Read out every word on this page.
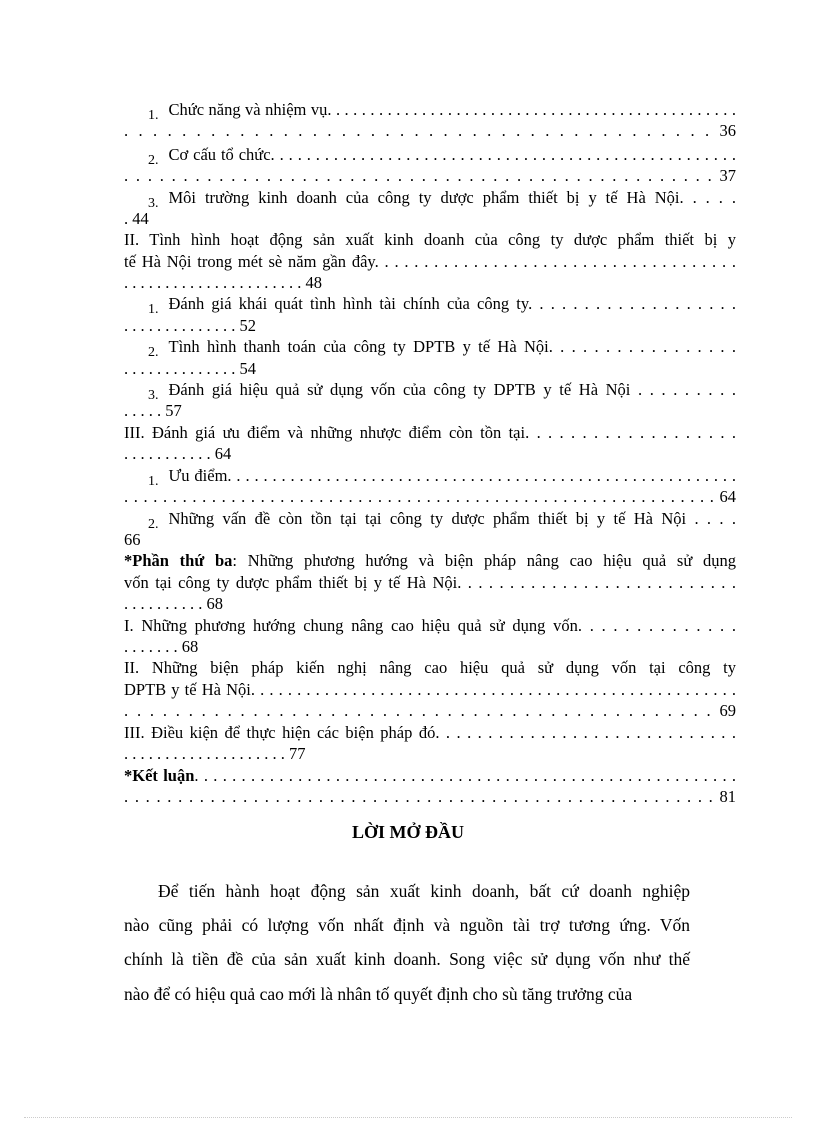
1. Chức năng và nhiệm vụ. . . . . . . . . . . . . . . . . . . . . . . . . . . . . . . . . . . . . . . . . . . . . . . .
. . . . . . . . . . . . . . . . . . . . . . . . . . . . . . . . . . . . . . . . . 36
2. Cơ cấu tổ chức. . . . . . . . . . . . . . . . . . . . . . . . . . . . . . . . . . . . . . . . . . . . . . . . . . . .
. . . . . . . . . . . . . . . . . . . . . . . . . . . . . . . . . . . . . . . . . . . . . . . . . . 37
3. Môi trường kinh doanh của công ty dược phẩm thiết bị y tế Hà Nội. . . . .
. 44
II. Tình hình hoạt động sản xuất kinh doanh của công ty dược phẩm thiết bị y
tế Hà Nội trong mét sè năm gần đây. . . . . . . . . . . . . . . . . . . . . . . . . . . . . . . . . . . . .
. . . . . . . . . . . . . . . . . . . . . . 48
1. Đánh giá khái quát tình hình tài chính của công ty. . . . . . . . . . . . . . . . . . .
. . . . . . . . . . . . . . 52
2. Tình hình thanh toán của công ty DPTB y tế Hà Nội. . . . . . . . . . . . . . . . .
. . . . . . . . . . . . . . 54
3. Đánh giá hiệu quả sử dụng vốn của công ty DPTB y tế Hà Nội . . . . . . . . .
. . . . . 57
III. Đánh giá ưu điểm và những nhược điểm còn tồn tại. . . . . . . . . . . . . . . . . . .
. . . . . . . . . . . 64
1. Ưu điểm. . . . . . . . . . . . . . . . . . . . . . . . . . . . . . . . . . . . . . . . . . . . . . . . . . . . . . . . .
. . . . . . . . . . . . . . . . . . . . . . . . . . . . . . . . . . . . . . . . . . . . . . . . . . . . . . . . . . . . . 64
2. Những vấn đề còn tồn tại tại công ty dược phẩm thiết bị y tế Hà Nội . . . .
66
*Phần thứ ba: Những phương hướng và biện pháp nâng cao hiệu quả sử dụng
vốn tại công ty dược phẩm thiết bị y tế Hà Nội. . . . . . . . . . . . . . . . . . . . . . . . . . .
. . . . . . . . . . 68
I. Những phương hướng chung nâng cao hiệu quả sử dụng vốn. . . . . . . . . . . . . .
. . . . . . . 68
II. Những biện pháp kiến nghị nâng cao hiệu quả sử dụng vốn tại công ty
DPTB y tế Hà Nội. . . . . . . . . . . . . . . . . . . . . . . . . . . . . . . . . . . . . . . . . . . . . . . . . . . . .
. . . . . . . . . . . . . . . . . . . . . . . . . . . . . . . . . . . . . . . . . . . . . . 69
III. Điều kiện để thực hiện các biện pháp đó. . . . . . . . . . . . . . . . . . . . . . . . . . . . .
. . . . . . . . . . . . . . . . . . . . 77
*Kết luận. . . . . . . . . . . . . . . . . . . . . . . . . . . . . . . . . . . . . . . . . . . . . . . . . . . . . . . . . .
. . . . . . . . . . . . . . . . . . . . . . . . . . . . . . . . . . . . . . . . . . . . . . . . . . . . . . . 81
LỜI MỞ ĐẦU
Để tiến hành hoạt động sản xuất kinh doanh, bất cứ doanh nghiệp
nào cũng phải có lượng vốn nhất định và nguồn tài trợ tương ứng. Vốn
chính là tiền đề của sản xuất kinh doanh. Song việc sử dụng vốn như thế
nào để có hiệu quả cao mới là nhân tố quyết định cho sù tăng trưởng của
